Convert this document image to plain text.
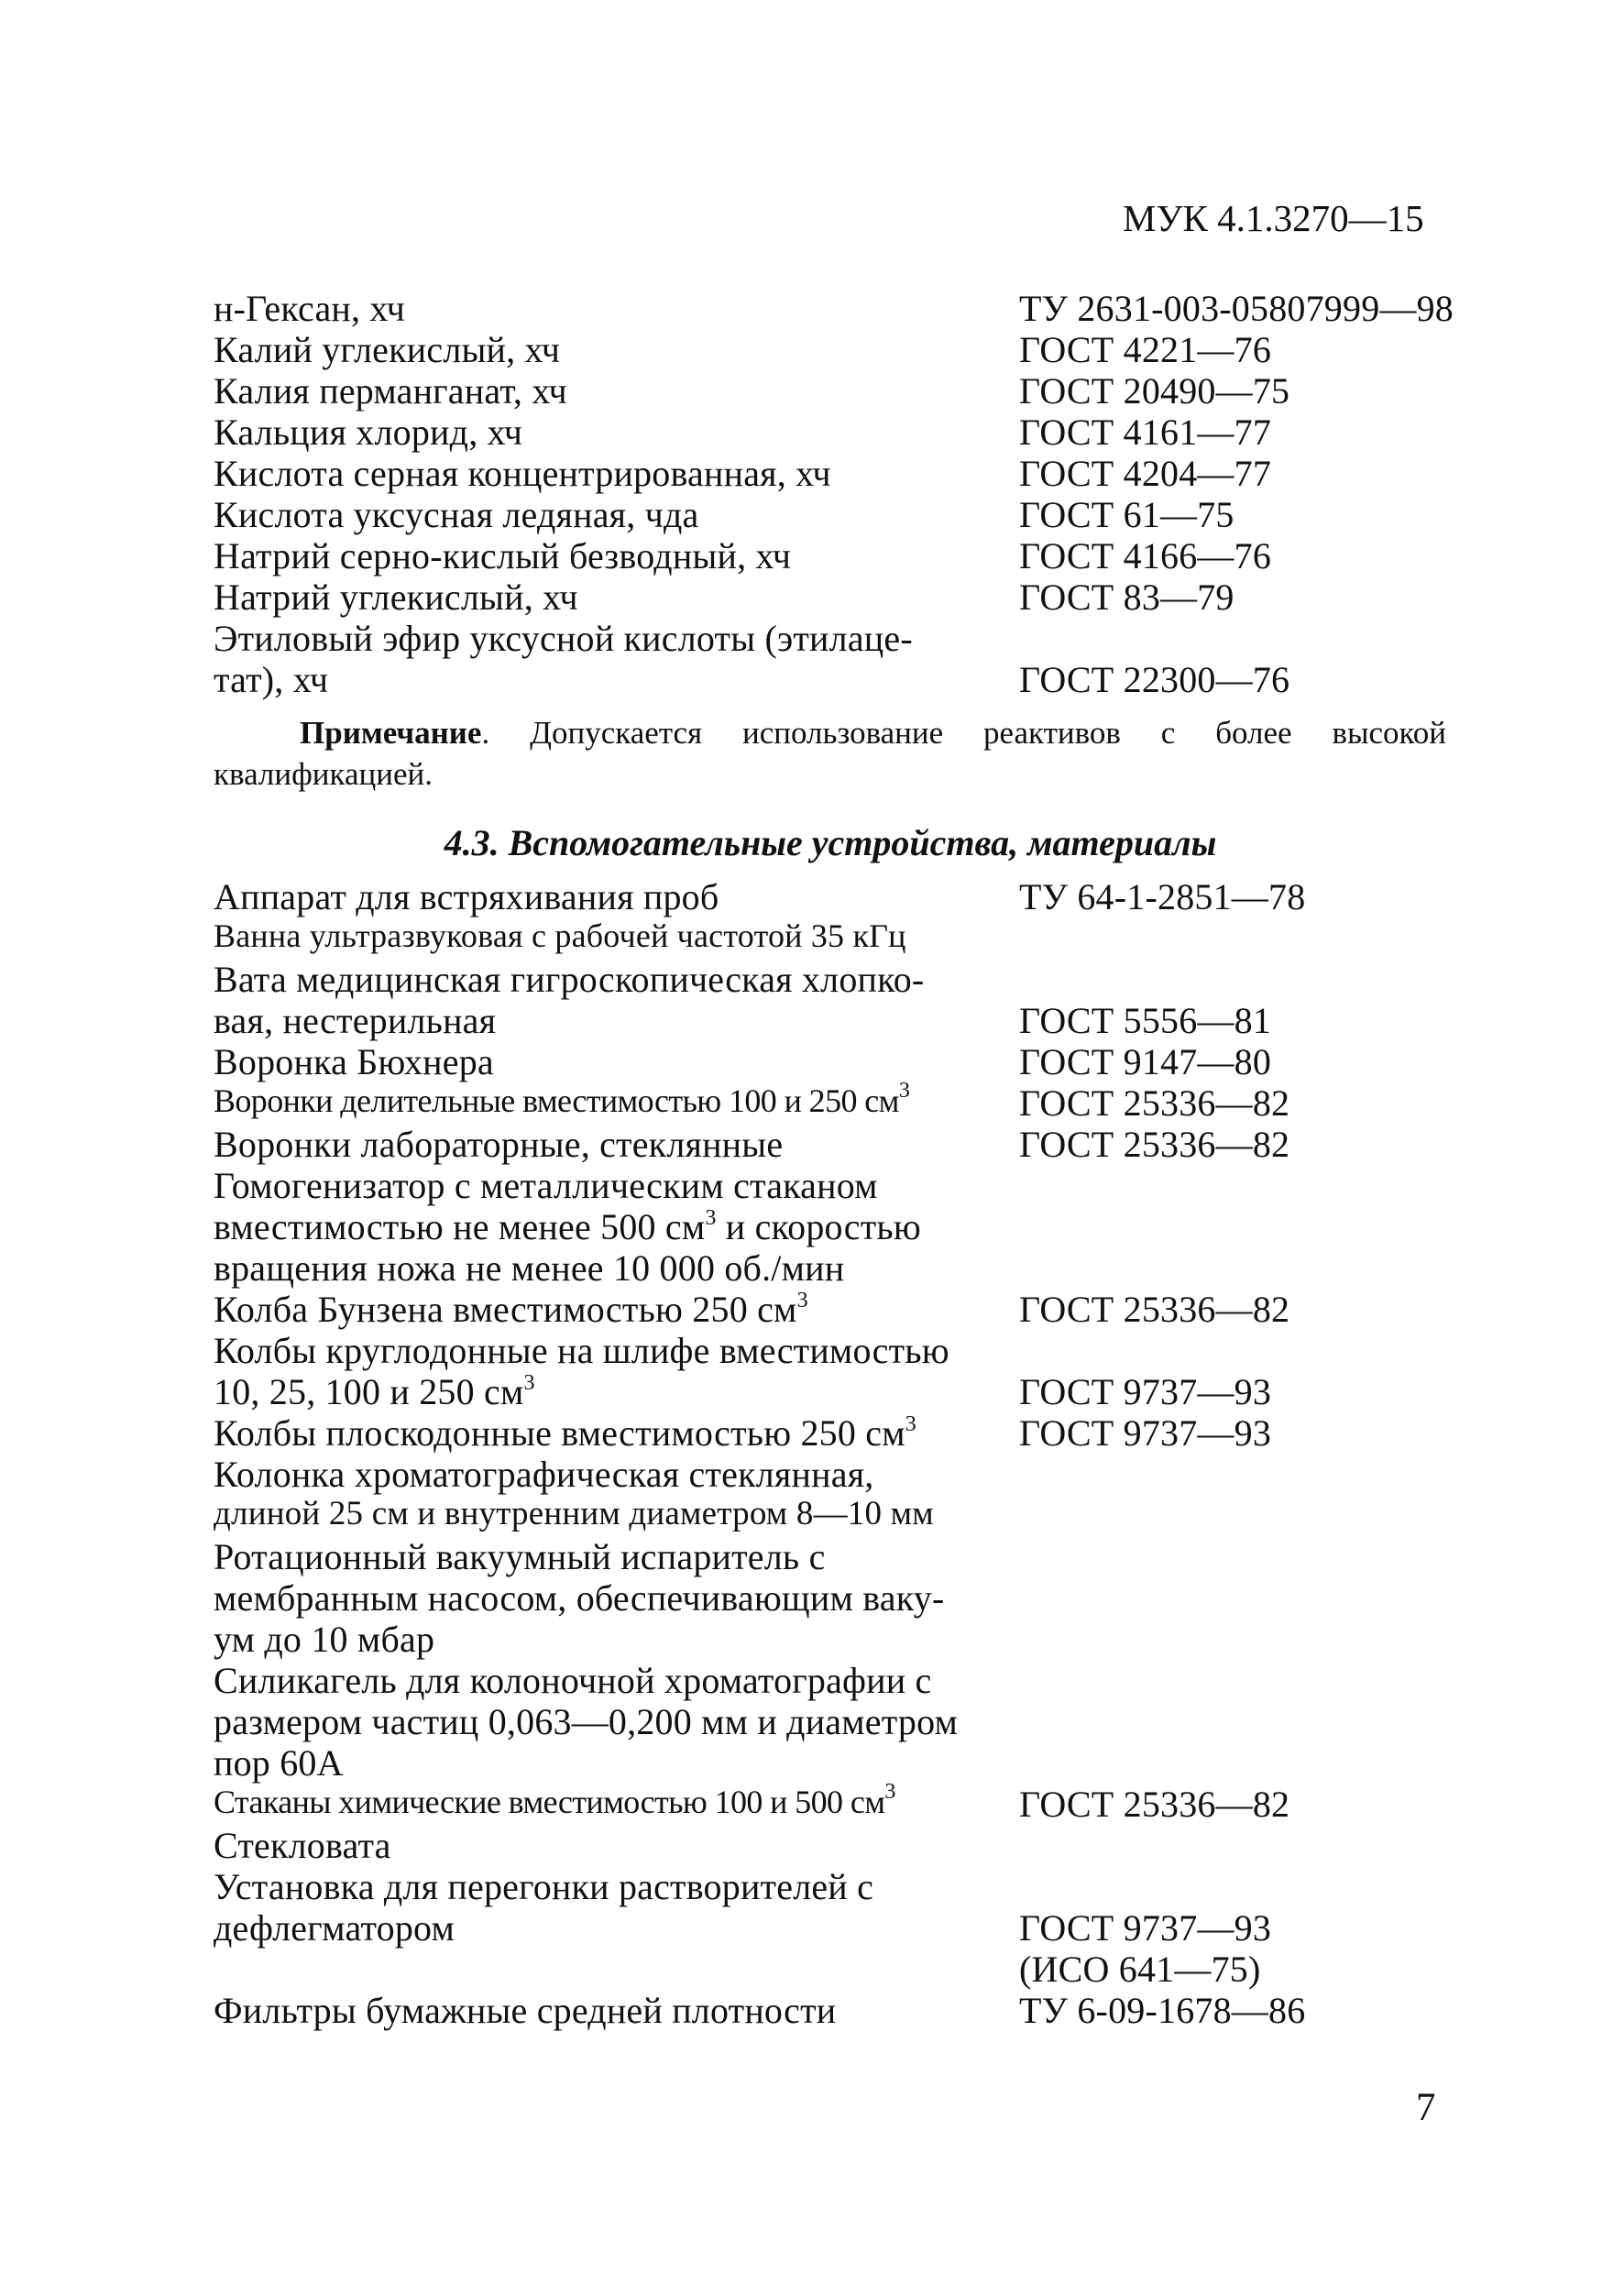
МУК 4.1.3270—15
н-Гексан, хч	ТУ 2631-003-05807999—98
Калий углекислый, хч	ГОСТ 4221—76
Калия перманганат, хч	ГОСТ 20490—75
Кальция хлорид, хч	ГОСТ 4161—77
Кислота серная концентрированная, хч	ГОСТ 4204—77
Кислота уксусная ледяная, чда	ГОСТ 61—75
Натрий серно-кислый безводный, хч	ГОСТ 4166—76
Натрий углекислый, хч	ГОСТ 83—79
Этиловый эфир уксусной кислоты (этилаце-
тат), хч	ГОСТ 22300—76
Примечание. Допускается использование реактивов с более высокой квалификацией.
4.3. Вспомогательные устройства, материалы
Аппарат для встряхивания проб	ТУ 64-1-2851—78
Ванна ультразвуковая с рабочей частотой 35 кГц
Вата медицинская гигроскопическая хлопко-
вая, нестерильная	ГОСТ 5556—81
Воронка Бюхнера	ГОСТ 9147—80
Воронки делительные вместимостью 100 и 250 $см^3$	ГОСТ 25336—82
Воронки лабораторные, стеклянные	ГОСТ 25336—82
Гомогенизатор с металлическим стаканом
вместимостью не менее 500 $см^3$ и скоростью
вращения ножа не менее 10 000 об./мин
Колба Бунзена вместимостью 250 $см^3$	ГОСТ 25336—82
Колбы круглодонные на шлифе вместимостью
10, 25, 100 и 250 $см^3$	ГОСТ 9737—93
Колбы плоскодонные вместимостью 250 $см^3$	ГОСТ 9737—93
Колонка хроматографическая стеклянная,
длиной 25 см и внутренним диаметром 8—10 мм
Ротационный вакуумный испаритель с
мембранным насосом, обеспечивающим ваку-
ум до 10 мбар
Силикагель для колоночной хроматографии с
размером частиц 0,063—0,200 мм и диаметром
пор 60А
Стаканы химические вместимостью 100 и 500 $см^3$	ГОСТ 25336—82
Стекловата
Установка для перегонки растворителей с
дефлегматором	ГОСТ 9737—93
(ИСО 641—75)
Фильтры бумажные средней плотности	ТУ 6-09-1678—86
7
